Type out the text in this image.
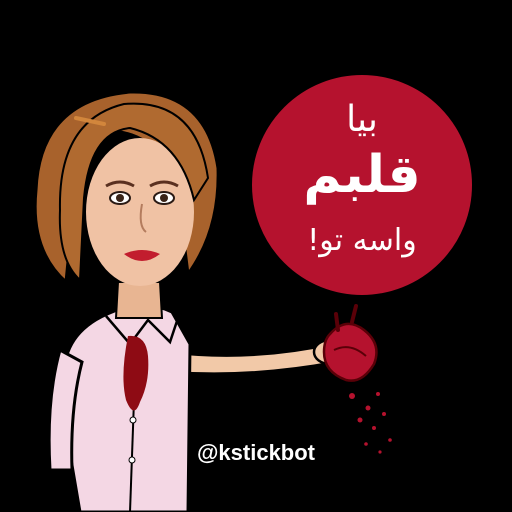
بیا
قلبم
واسه تو!
@kstickbot
